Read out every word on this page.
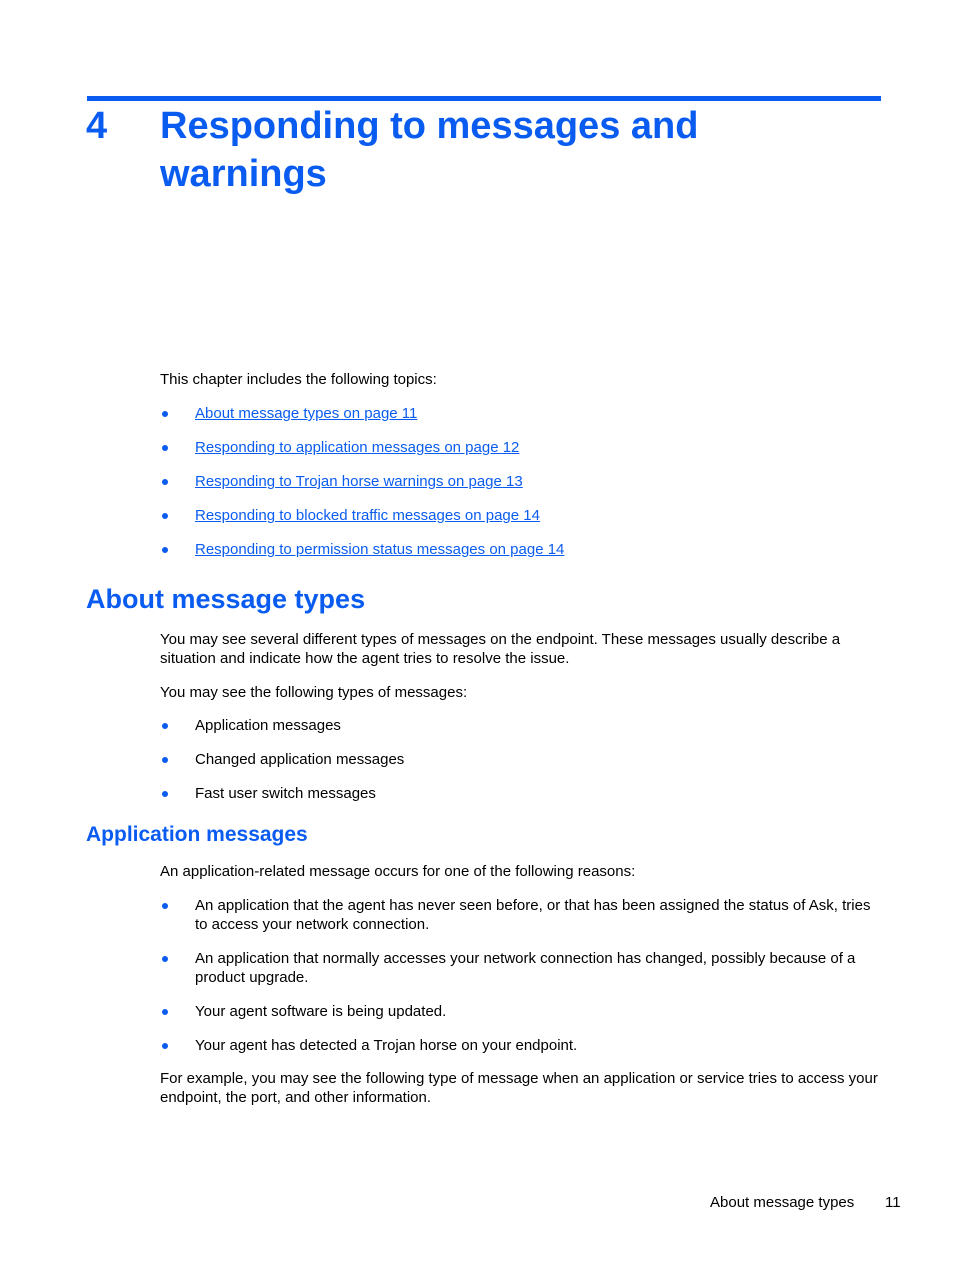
4 Responding to messages and warnings

This chapter includes the following topics:

About message types on page 11
Responding to application messages on page 12
Responding to Trojan horse warnings on page 13
Responding to blocked traffic messages on page 14
Responding to permission status messages on page 14
About message types

You may see several different types of messages on the endpoint. These messages usually describe a situation and indicate how the agent tries to resolve the issue.

You may see the following types of messages:

Application messages
Changed application messages
Fast user switch messages
Application messages

An application-related message occurs for one of the following reasons:

An application that the agent has never seen before, or that has been assigned the status of Ask, tries to access your network connection.
An application that normally accesses your network connection has changed, possibly because of a product upgrade.
Your agent software is being updated.
Your agent has detected a Trojan horse on your endpoint.

For example, you may see the following type of message when an application or service tries to access your endpoint, the port, and other information.

About message types 11
